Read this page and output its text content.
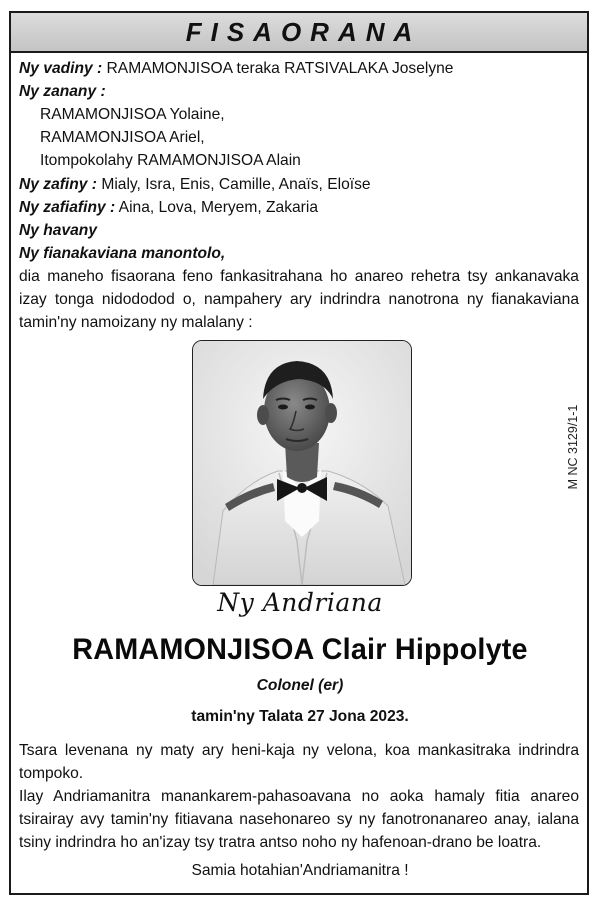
FISAORANA
Ny vadiny : RAMAMONJISOA teraka RATSIVALAKA Joselyne
Ny zanany :
RAMAMONJISOA Yolaine,
RAMAMONJISOA Ariel,
Itompokolahy RAMAMONJISOA Alain
Ny zafiny : Mialy, Isra, Enis, Camille, Anaïs, Eloïse
Ny zafiafiny : Aina, Lova, Meryem, Zakaria
Ny havany
Ny fianakaviana manontolo,
dia maneho fisaorana feno fankasitrahana ho anareo rehetra tsy ankanavaka izay tonga nidododod o, nampahery ary indrindra nanotrona ny fianakaviana tamin'ny namoizany ny malalany :
M NC 3129/1-1
Ny Andriana
RAMAMONJISOA Clair Hippolyte
Colonel (er)
tamin'ny Talata 27 Jona 2023.
Tsara levenana ny maty ary heni-kaja ny velona, koa mankasitraka indrindra tompoko.
Ilay Andriamanitra manankarem-pahasoavana no aoka hamaly fitia anareo tsirairay avy tamin'ny fitiavana nasehonareo sy ny fanotronanareo anay, ialana tsiny indrindra ho an'izay tsy tratra antso noho ny hafenoan-drano be loatra.
Samia hotahian'Andriamanitra !
